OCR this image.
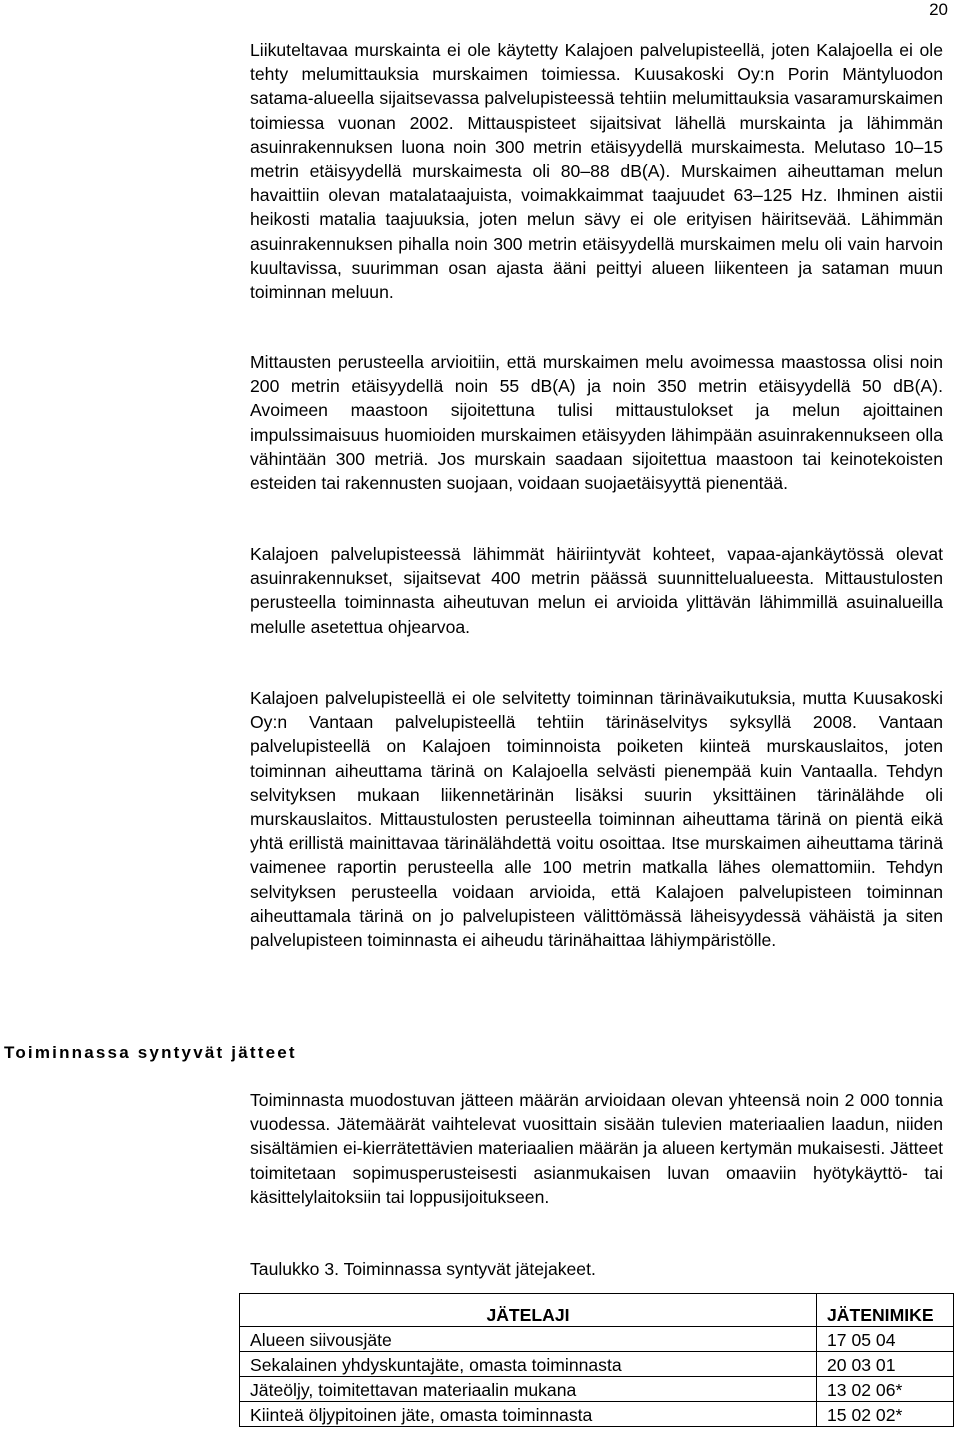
20

Liikuteltavaa murskainta ei ole käytetty Kalajoen palvelupisteellä, joten Kalajoella ei ole tehty melumittauksia murskaimen toimiessa. Kuusakoski Oy:n Porin Mäntyluodon satama-alueella sijaitsevassa palvelupisteessä tehtiin melumittauksia vasaramurskaimen toimiessa vuonan 2002. Mittauspisteet sijaitsivat lähellä murskainta ja lähimmän asuinrakennuksen luona noin 300 metrin etäisyydellä murskaimesta. Melutaso 10–15 metrin etäisyydellä murskaimesta oli 80–88 dB(A). Murskaimen aiheuttaman melun havaittiin olevan matalataajuista, voimakkaimmat taajuudet 63–125 Hz. Ihminen aistii heikosti matalia taajuuksia, joten melun sävy ei ole erityisen häiritsevää. Lähimmän asuinrakennuksen pihalla noin 300 metrin etäisyydellä murskaimen melu oli vain harvoin kuultavissa, suurimman osan ajasta ääni peittyi alueen liikenteen ja sataman muun toiminnan meluun.

Mittausten perusteella arvioitiin, että murskaimen melu avoimessa maastossa olisi noin 200 metrin etäisyydellä noin 55 dB(A) ja noin 350 metrin etäisyydellä 50 dB(A). Avoimeen maastoon sijoitettuna tulisi mittaustulokset ja melun ajoittainen impulssimaisuus huomioiden murskaimen etäisyyden lähimpään asuinrakennukseen olla vähintään 300 metriä. Jos murskain saadaan sijoitettua maastoon tai keinotekoisten esteiden tai rakennusten suojaan, voidaan suojaetäisyyttä pienentää.

Kalajoen palvelupisteessä lähimmät häiriintyvät kohteet, vapaa-ajankäytössä olevat asuinrakennukset, sijaitsevat 400 metrin päässä suunnittelualueesta. Mittaustulosten perusteella toiminnasta aiheutuvan melun ei arvioida ylittävän lähimmillä asuinalueilla melulle asetettua ohjearvoa.

Kalajoen palvelupisteellä ei ole selvitetty toiminnan tärinävaikutuksia, mutta Kuusakoski Oy:n Vantaan palvelupisteellä tehtiin tärinäselvitys syksyllä 2008. Vantaan palvelupisteellä on Kalajoen toiminnoista poiketen kiinteä murskauslaitos, joten toiminnan aiheuttama tärinä on Kalajoella selvästi pienempää kuin Vantaalla. Tehdyn selvityksen mukaan liikennetärinän lisäksi suurin yksittäinen tärinälähde oli murskauslaitos. Mittaustulosten perusteella toiminnan aiheuttama tärinä on pientä eikä yhtä erillistä mainittavaa tärinälähdettä voitu osoittaa. Itse murskaimen aiheuttama tärinä vaimenee raportin perusteella alle 100 metrin matkalla lähes olemattomiin. Tehdyn selvityksen perusteella voidaan arvioida, että Kalajoen palvelupisteen toiminnan aiheuttamala tärinä on jo palvelupisteen välittömässä läheisyydessä vähäistä ja siten palvelupisteen toiminnasta ei aiheudu tärinähaittaa lähiympäristölle.

Toiminnassa syntyvät jätteet

Toiminnasta muodostuvan jätteen määrän arvioidaan olevan yhteensä noin 2 000 tonnia vuodessa. Jätemäärät vaihtelevat vuosittain sisään tulevien materiaalien laadun, niiden sisältämien ei-kierrätettävien materiaalien määrän ja alueen kertymän mukaisesti. Jätteet toimitetaan sopimusperusteisesti asianmukaisen luvan omaaviin hyötykäyttö- tai käsittelylaitoksiin tai loppusijoitukseen.

Taulukko 3. Toiminnassa syntyvät jätejakeet.

JÄTELAJI	JÄTENIMIKE
Alueen siivousjäte	17 05 04
Sekalainen yhdyskuntajäte, omasta toiminnasta	20 03 01
Jäteöljy, toimitettavan materiaalin mukana	13 02 06*
Kiinteä öljypitoinen jäte, omasta toiminnasta	15 02 02*
